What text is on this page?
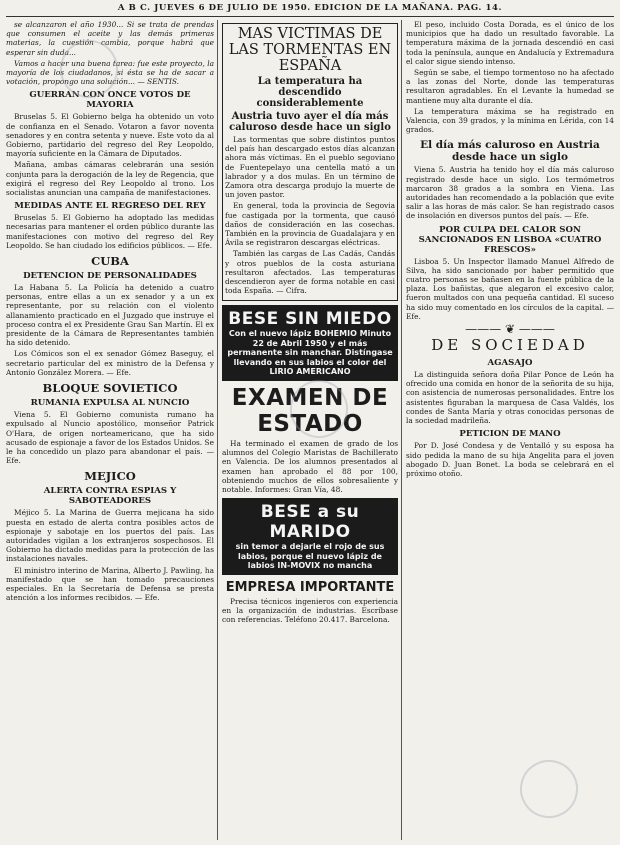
A B C. JUEVES 6 DE JULIO DE 1950. EDICION DE LA MAÑANA. PAG. 14.

se alcanzaron el año 1930... Si se trata de prendas que consumen el aceite y las demás primeras materias, la cuestión cambia, porque habrá que esperar sin duda...

Vamos a hacer una buena tarea: fue este proyecto, la mayoría de los ciudadanos, si ésta se ha de sacar a votación, propongo una solución... — SENTIS.

GUERRAN CON ONCE VOTOS DE MAYORIA

Bruselas 5. El Gobierno belga ha obtenido un voto de confianza en el Senado. Votaron a favor noventa senadores y en contra setenta y nueve. Este voto da al Gobierno, partidario del regreso del Rey Leopoldo, mayoría suficiente en la Cámara de Diputados.

Mañana, ambas cámaras celebrarán una sesión conjunta para la derogación de la ley de Regencia, que exigirá el regreso del Rey Leopoldo al trono. Los socialistas anuncian una campaña de manifestaciones.

MEDIDAS ANTE EL REGRESO DEL REY

Bruselas 5. El Gobierno ha adoptado las medidas necesarias para mantener el orden público durante las manifestaciones con motivo del regreso del Rey Leopoldo. Se han ciudado los edificios públicos. — Efe.

CUBA
DETENCION DE PERSONALIDADES

La Habana 5. La Policía ha detenido a cuatro personas, entre ellas a un ex senador y a un ex representante, por su relación con el violento allanamiento practicado en el Juzgado que instruye el proceso contra el ex Presidente Grau San Martín. El ex presidente de la Cámara de Representantes también ha sido detenido.

Los Cómicos son el ex senador Gómez Baseguy, el secretario particular del ex ministro de la Defensa y Antonio González Morera. — Efe.

BLOQUE SOVIETICO
RUMANIA EXPULSA AL NUNCIO

Viena 5. El Gobierno comunista rumano ha expulsado al Nuncio apostólico, monseñor Patrick O'Hara, de origen norteamericano, que ha sido acusado de espionaje a favor de los Estados Unidos. Se le ha concedido un plazo para abandonar el país. — Efe.

MEJICO
ALERTA CONTRA ESPIAS Y SABOTEADORES

Méjico 5. La Marina de Guerra mejicana ha sido puesta en estado de alerta contra posibles actos de espionaje y sabotaje en los puertos del país. Las autoridades vigilan a los extranjeros sospechosos. El Gobierno ha dictado medidas para la protección de las instalaciones navales.

El ministro interino de Marina, Alberto J. Pawling, ha manifestado que se han tomado precauciones especiales. En la Secretaría de Defensa se presta atención a los informes recibidos. — Efe.

MAS VICTIMAS DE LAS TORMENTAS EN ESPAÑA
La temperatura ha descendido considerablemente
Austria tuvo ayer el día más caluroso desde hace un siglo

Las tormentas que sobre distintos puntos del país han descargado estos días alcanzan ahora más víctimas. En el pueblo segoviano de Fuentepelayo una centella mató a un labrador y a dos mulas. En un término de Zamora otra descarga produjo la muerte de un joven pastor.

En general, toda la provincia de Segovia fue castigada por la tormenta, que causó daños de consideración en las cosechas. También en la provincia de Guadalajara y en Ávila se registraron descargas eléctricas.

También las cargas de Las Cadás, Candás y otros pueblos de la costa asturiana resultaron afectados. Las temperaturas descendieron ayer de forma notable en casi toda España. — Cifra.

BESE SIN MIEDO
Con el nuevo lápiz BOHEMIO Minuto 22 de Abril 1950 y el más permanente sin manchar. Distíngase llevando en sus labios el color del LIRIO AMERICANO
EXAMEN DE ESTADO

Ha terminado el examen de grado de los alumnos del Colegio Maristas de Bachillerato en Valencia. De los alumnos presentados al examen han aprobado el 88 por 100, obteniendo muchos de ellos sobresaliente y notable. Informes: Gran Vía, 48.

BESE a su MARIDO
sin temor a dejarle el rojo de sus labios, porque el nuevo lápiz de labios IN-MOVIX no mancha
EMPRESA IMPORTANTE

Precisa técnicos ingenieros con experiencia en la organización de industrias. Escríbase con referencias. Teléfono 20.417. Barcelona.

El peso, incluido Costa Dorada, es el único de los municipios que ha dado un resultado favorable. La temperatura máxima de la jornada descendió en casi toda la península, aunque en Andalucía y Extremadura el calor sigue siendo intenso.

Según se sabe, el tiempo tormentoso no ha afectado a las zonas del Norte, donde las temperaturas resultaron agradables. En el Levante la humedad se mantiene muy alta durante el día.

La temperatura máxima se ha registrado en Valencia, con 39 grados, y la mínima en Lérida, con 14 grados.

El día más caluroso en Austria desde hace un siglo

Viena 5. Austria ha tenido hoy el día más caluroso registrado desde hace un siglo. Los termómetros marcaron 38 grados a la sombra en Viena. Las autoridades han recomendado a la población que evite salir a las horas de más calor. Se han registrado casos de insolación en diversos puntos del país. — Efe.

POR CULPA DEL CALOR SON SANCIONADOS EN LISBOA «CUATRO FRESCOS»

Lisboa 5. Un Inspector llamado Manuel Alfredo de Silva, ha sido sancionado por haber permitido que cuatro personas se bañasen en la fuente pública de la plaza. Los bañistas, que alegaron el excesivo calor, fueron multados con una pequeña cantidad. El suceso ha sido muy comentado en los círculos de la capital. — Efe.

——— ❦ ———
DE SOCIEDAD
AGASAJO

La distinguida señora doña Pilar Ponce de León ha ofrecido una comida en honor de la señorita de su hija, con asistencia de numerosas personalidades. Entre los asistentes figuraban la marquesa de Casa Valdés, los condes de Santa María y otras conocidas personas de la sociedad madrileña.

PETICION DE MANO

Por D. José Condesa y de Ventalló y su esposa ha sido pedida la mano de su hija Angelita para el joven abogado D. Juan Bonet. La boda se celebrará en el próximo otoño.
